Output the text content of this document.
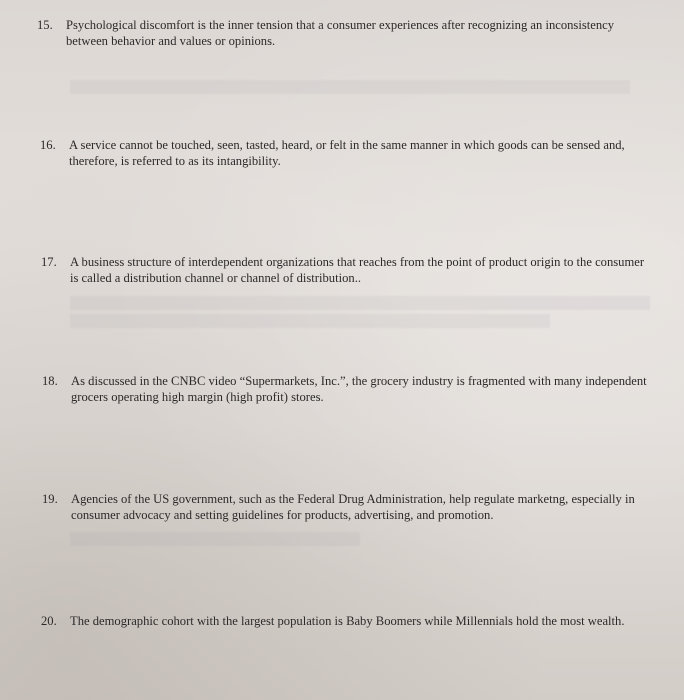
15.	Psychological discomfort is the inner tension that a consumer experiences after recognizing an inconsistency
between behavior and values or opinions.
16.	A service cannot be touched, seen, tasted, heard, or felt in the same manner in which goods can be sensed and,
therefore, is referred to as its intangibility.
17.	A business structure of interdependent organizations that reaches from the point of product origin to the consumer
is called a distribution channel or channel of distribution..
18.	As discussed in the CNBC video “Supermarkets, Inc.”, the grocery industry is fragmented with many independent
grocers operating high margin (high profit) stores.
19.	Agencies of the US government, such as the Federal Drug Administration, help regulate marketng, especially in
consumer advocacy and setting guidelines for products, advertising, and promotion.
20.	The demographic cohort with the largest population is Baby Boomers while Millennials hold the most wealth.
